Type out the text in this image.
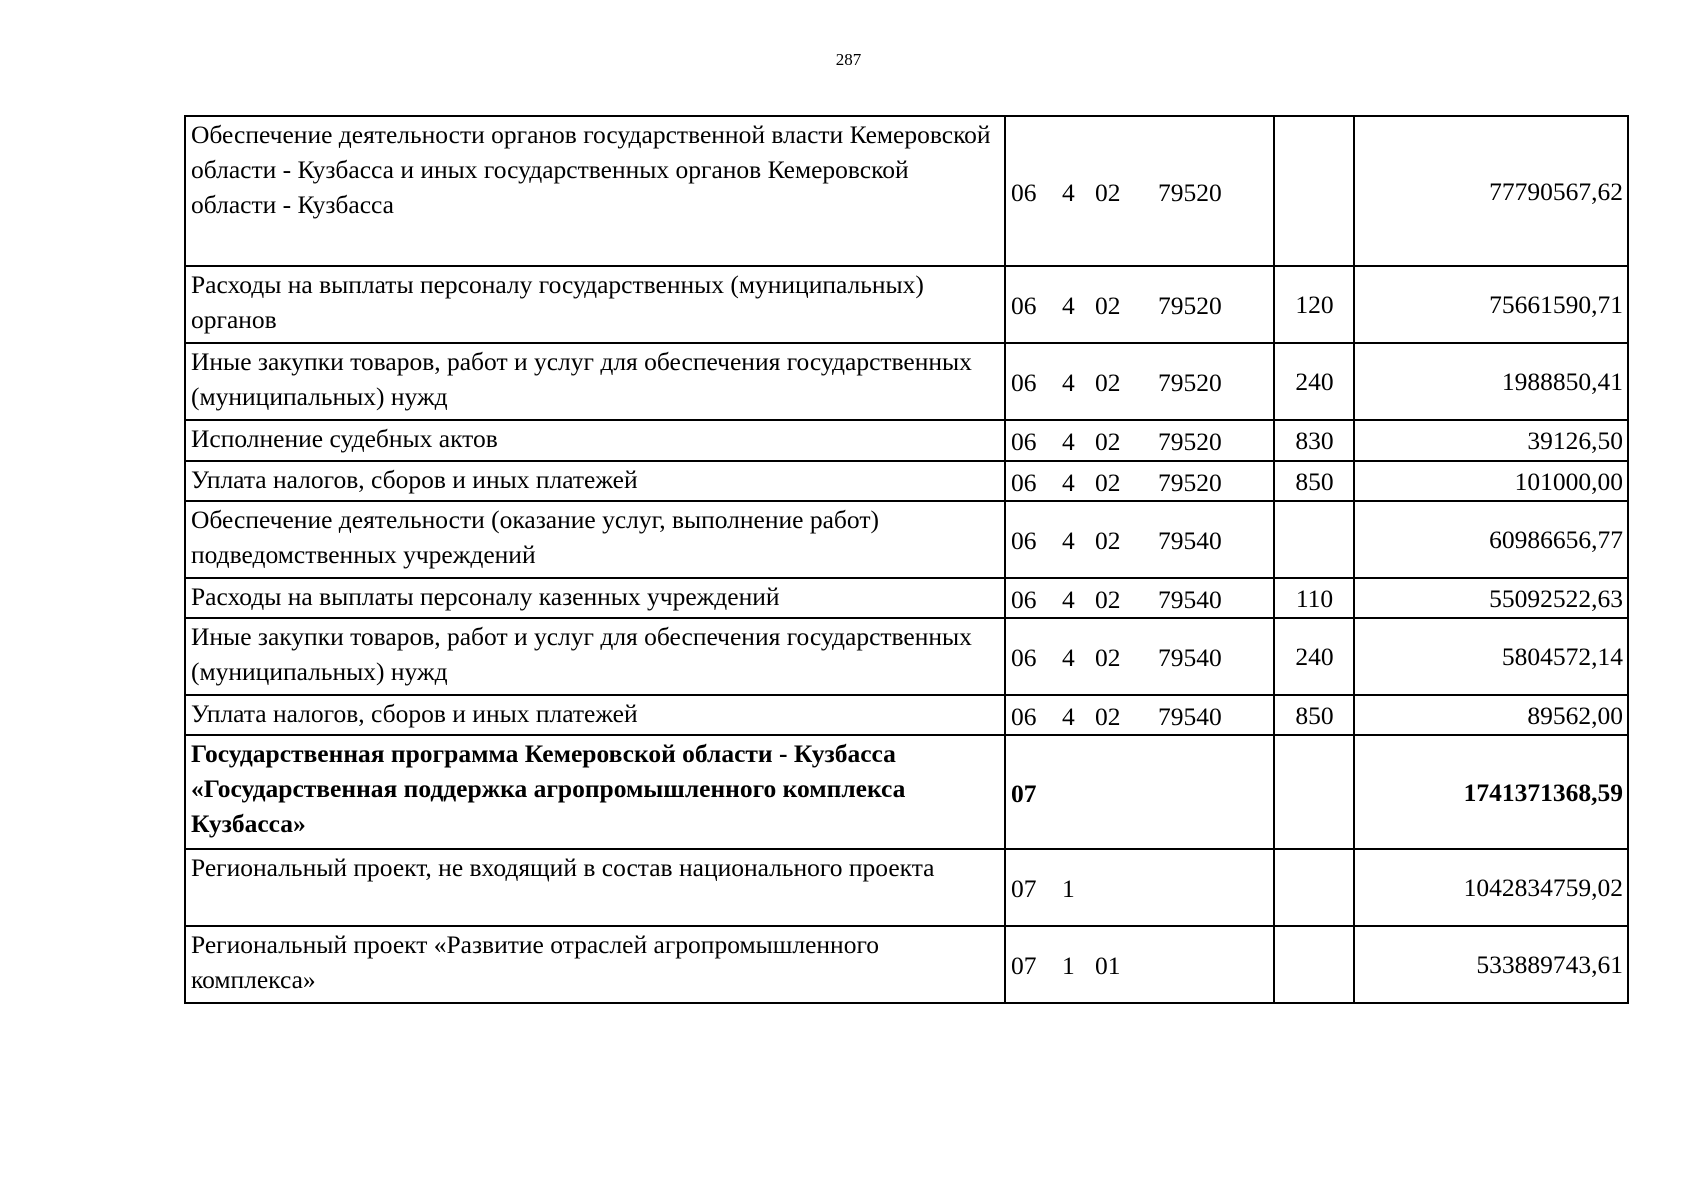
287
Обеспечение деятельности органов государственной власти Кемеровской области - Кузбасса и иных государственных органов Кемеровской области - Кузбасса	06 4 02 79520		77790567,62
Расходы на выплаты персоналу государственных (муниципальных) органов	06 4 02 79520	120	75661590,71
Иные закупки товаров, работ и услуг для обеспечения государственных (муниципальных) нужд	06 4 02 79520	240	1988850,41
Исполнение судебных актов	06 4 02 79520	830	39126,50
Уплата налогов, сборов и иных платежей	06 4 02 79520	850	101000,00
Обеспечение деятельности (оказание услуг, выполнение работ) подведомственных учреждений	06 4 02 79540		60986656,77
Расходы на выплаты персоналу казенных учреждений	06 4 02 79540	110	55092522,63
Иные закупки товаров, работ и услуг для обеспечения государственных (муниципальных) нужд	06 4 02 79540	240	5804572,14
Уплата налогов, сборов и иных платежей	06 4 02 79540	850	89562,00
Государственная программа Кемеровской области - Кузбасса «Государственная поддержка агропромышленного комплекса Кузбасса»	07		1741371368,59
Региональный проект, не входящий в состав национального проекта	07 1		1042834759,02
Региональный проект «Развитие отраслей агропромышленного комплекса»	07 1 01		533889743,61
